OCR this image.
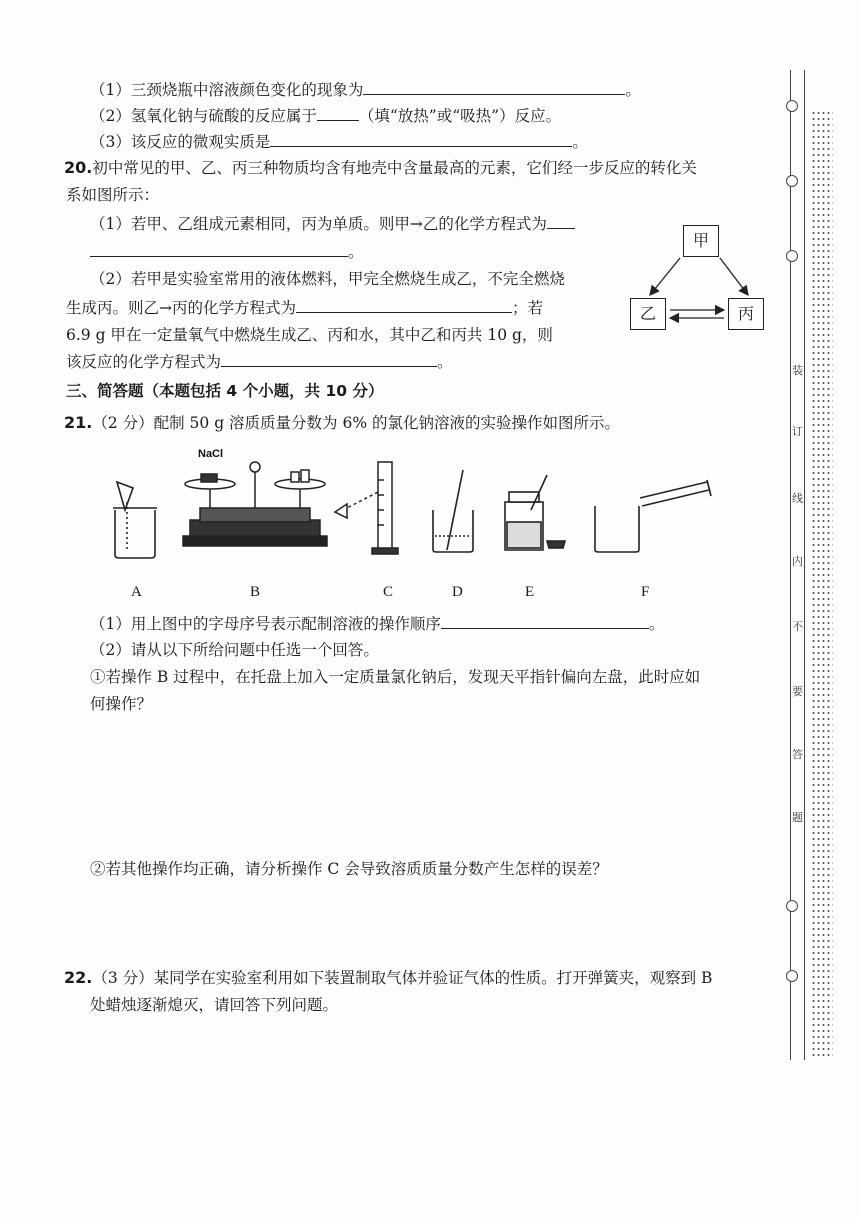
（1）三颈烧瓶中溶液颜色变化的现象为	。
（2）氢氧化钠与硫酸的反应属于	（填“放热”或“吸热”）反应。
（3）该反应的微观实质是	。
20.初中常见的甲、乙、丙三种物质均含有地壳中含量最高的元素，它们经一步反应的转化关
系如图所示：
（1）若甲、乙组成元素相同，丙为单质。则甲→乙的化学方程式为
。
（2）若甲是实验室常用的液体燃料，甲完全燃烧生成乙，不完全燃烧
生成丙。则乙→丙的化学方程式为	；若
6.9 g 甲在一定量氧气中燃烧生成乙、丙和水，其中乙和丙共 10 g，则
该反应的化学方程式为	。
甲
乙	丙
三、简答题（本题包括 4 个小题，共 10 分）
21.（2 分）配制 50 g 溶质质量分数为 6% 的氯化钠溶液的实验操作如图所示。
NaCl
A	B	C	D	E	F
（1）用上图中的字母序号表示配制溶液的操作顺序	。
（2）请从以下所给问题中任选一个回答。
①若操作 B 过程中，在托盘上加入一定质量氯化钠后，发现天平指针偏向左盘，此时应如
何操作？
②若其他操作均正确，请分析操作 C 会导致溶质质量分数产生怎样的误差？
22.（3 分）某同学在实验室利用如下装置制取气体并验证气体的性质。打开弹簧夹，观察到 B
处蜡烛逐渐熄灭，请回答下列问题。
装
订
线
内
不
要
答
题
